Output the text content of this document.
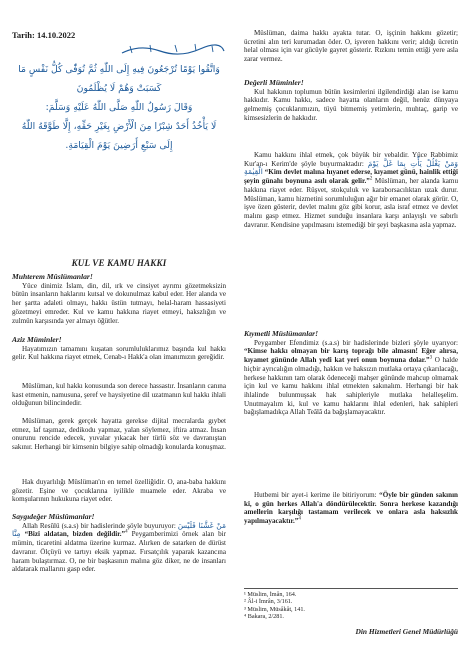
Tarih: 14.10.2022

وَاتَّقُوا يَوْمًا تُرْجَعُونَ فِيهِ إِلَى اللّٰهِ ثُمَّ تُوَفّٰى كُلُّ نَفْسٍ مَا

كَسَبَتْ وَهُمْ لَا يُظْلَمُونَ

وَقَالَ رَسُولُ اللّٰهِ صَلَّى اللّٰهُ عَلَيْهِ وَسَلَّمَ:

لَا يَأْخُذُ أَحَدٌ شِبْرًا مِنَ الْأَرْضِ بِغَيْرِ حَقِّهِ، إِلَّا طَوَّقَهُ اللّٰهُ

إِلَى سَبْعِ أَرَضِينَ يَوْمَ الْقِيَامَةِ.

KUL VE KAMU HAKKI

Muhterem Müslümanlar!

Yüce dinimiz İslam, din, dil, ırk ve cinsiyet ayrımı gözetmeksizin bütün insanların haklarını kutsal ve dokunulmaz kabul eder. Her alanda ve her şartta adaleti olmayı, hakkı üstün tutmayı, helal-haram hassasiyeti gözetmeyi emreder. Kul ve kamu hakkına riayet etmeyi, hakszlığın ve zulmün karşısında yer almayı öğütler.

Aziz Müminler!

Hayatımızın tamamını kuşatan sorumluluklarımız başında kul hakkı gelir. Kul hakkına riayet etmek, Cenab-ı Hakk'a olan imanımızın gereğidir.

Müslüman, kul hakkı konusunda son derece hassastır. İnsanların canına kast etmenin, namusuna, şeref ve haysiyetine dil uzatmanın kul hakkı ihlali olduğunun bilincindedir.

Müslüman, gerek gerçek hayatta gerekse dijital mecralarda gıybet etmez, laf taşımaz, dedikodu yapmaz, yalan söylemez, iftira atmaz. İnsan onurunu rencide edecek, yuvalar yıkacak her türlü söz ve davranıştan sakınır. Herhangi bir kimsenin bilgiye sahip olmadığı konularda konuşmaz.

Hak duyarlılığı Müslüman'ın en temel özelliğidir. O, ana-baba hakkını gözetir. Eşine ve çocuklarına iyilikle muamele eder. Akraba ve komşularının hukukuna riayet eder.

Saygıdeğer Müslümanlar!

Allah Resûlü (s.a.s) bir hadislerinde şöyle buyuruyor: مَنْ غَشَّنَا فَلَيْسَ مِنَّا “Bizi aldatan, bizden değildir.”$^4$ Peygamberimizi örnek alan bir mümin, ticaretini aldatma üzerine kurmaz. Alırken de satarken de dürüst davranır. Ölçüyü ve tartıyı eksik yapmaz. Fırsatçılık yaparak kazancına haram bulaştırmaz. O, ne bir başkasının malına göz diker, ne de insanları aldatarak mallarını gasp eder.

Müslüman, daima hakkı ayakta tutar. O, işçinin hakkını gözetir; ücretini alın teri kurumadan öder. O, işveren hakkını verir; aldığı ücretin helal olması için var gücüyle gayret gösterir. Rızkını temin ettiği yere asla zarar vermez.

Değerli Müminler!

Kul hakkının toplumun bütün kesimlerini ilgilendirdiği alan ise kamu hakkıdır. Kamu hakkı, sadece hayatta olanların değil, henüz dünyaya gelmemiş çocuklarımızın, tüyü bitmemiş yetimlerin, muhtaç, garip ve kimsesizlerin de hakkıdır.

Kamu hakkını ihlal etmek, çok büyük bir vebaldir. Yüce Rabbimiz Kur'an-ı Kerim'de şöyle buyurmaktadır: وَمَنْ يَغْلُلْ يَأْتِ بِمَا غَلَّ يَوْمَ الْقِيٰمَةِ “Kim devlet malına hıyanet ederse, kıyamet günü, hainlik ettiği şeyin günahı boynuna asılı olarak gelir.”$^2$ Müslüman, her alanda kamu hakkına riayet eder. Rüşvet, stokçuluk ve karaborsacılıktan uzak durur. Müslüman, kamu hizmetini sorumluluğun ağır bir emanet olarak görür. O, işve özen gösterir, devlet malını göz gibi korur, asla israf etmez ve devlet malını gasp etmez. Hizmet sunduğu insanlara karşı anlayışlı ve sabırlı davranır. Kendisine yapılmasını istemediği bir şeyi başkasına asla yapmaz.

Kıymetli Müslümanlar!

Peygamber Efendimiz (s.a.s) bir hadislerinde bizleri şöyle uyarıyor: “Kimse hakkı olmayan bir karış toprağı bile almasın! Eğer alırsa, kıyamet gününde Allah yedi kat yeri onun boynuna dolar.”$^3$ O halde hiçbir ayrıcalığın olmadığı, hakkın ve haksızın mutlaka ortaya çıkarılacağı, herkese hakkının tam olarak ödeneceği mahşer gününde mahcup olmamak için kul ve kamu hakkını ihlal etmekten sakınalım. Herhangi bir hak ihlalinde bulunmuşsak hak sahipleriyle mutlaka helalleşelim. Unutmayalım ki, kul ve kamu haklarını ihlal edenleri, hak sahipleri bağışlamadıkça Allah Teâlâ da bağışlamayacaktır.

Hutbemi bir ayet-i kerime ile bitiriyorum: “Öyle bir günden sakının ki, o gün herkes Allah'a döndürülecektir. Sonra herkese kazandığı amellerin karşılığı tastamam verilecek ve onlara asla haksızlık yapılmayacaktır.”$^4$

¹ Müslim, İmân, 164.
² Âl-i İmrân, 3/161.
³ Müslim, Müsâkât, 141.
⁴ Bakara, 2/281.
Din Hizmetleri Genel Müdürlüğü
